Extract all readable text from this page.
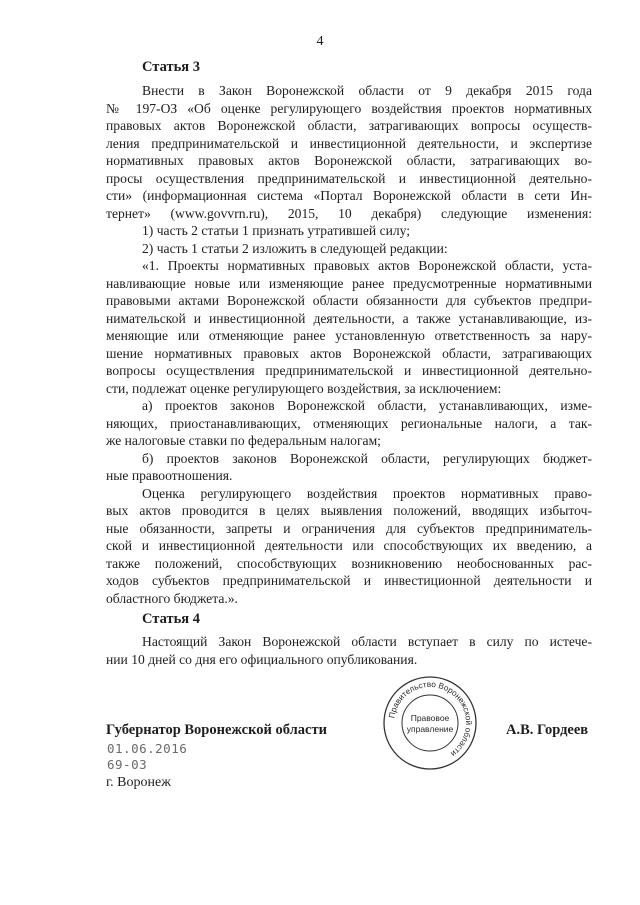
4
Статья 3
Внести в Закон Воронежской области от 9 декабря 2015 года
№ 197-ОЗ «Об оценке регулирующего воздействия проектов нормативных
правовых актов Воронежской области, затрагивающих вопросы осуществ-
ления предпринимательской и инвестиционной деятельности, и экспертизе
нормативных правовых актов Воронежской области, затрагивающих во-
просы осуществления предпринимательской и инвестиционной деятельно-
сти» (информационная система «Портал Воронежской области в сети Ин-
тернет» (www.govvrn.ru), 2015, 10 декабря) следующие изменения:
1) часть 2 статьи 1 признать утратившей силу;
2) часть 1 статьи 2 изложить в следующей редакции:
«1. Проекты нормативных правовых актов Воронежской области, уста-
навливающие новые или изменяющие ранее предусмотренные нормативными
правовыми актами Воронежской области обязанности для субъектов предпри-
нимательской и инвестиционной деятельности, а также устанавливающие, из-
меняющие или отменяющие ранее установленную ответственность за нару-
шение нормативных правовых актов Воронежской области, затрагивающих
вопросы осуществления предпринимательской и инвестиционной деятельно-
сти, подлежат оценке регулирующего воздействия, за исключением:
а) проектов законов Воронежской области, устанавливающих, изме-
няющих, приостанавливающих, отменяющих региональные налоги, а так-
же налоговые ставки по федеральным налогам;
б) проектов законов Воронежской области, регулирующих бюджет-
ные правоотношения.
Оценка регулирующего воздействия проектов нормативных право-
вых актов проводится в целях выявления положений, вводящих избыточ-
ные обязанности, запреты и ограничения для субъектов предприниматель-
ской и инвестиционной деятельности или способствующих их введению, а
также положений, способствующих возникновению необоснованных рас-
ходов субъектов предпринимательской и инвестиционной деятельности и
областного бюджета.».
Статья 4
Настоящий Закон Воронежской области вступает в силу по истече-
нии 10 дней со дня его официального опубликования.
Губернатор Воронежской области	А.В. Гордеев
01.06.2016
69-03
г. Воронеж
Правительство Воронежской области
Правовое
управление
